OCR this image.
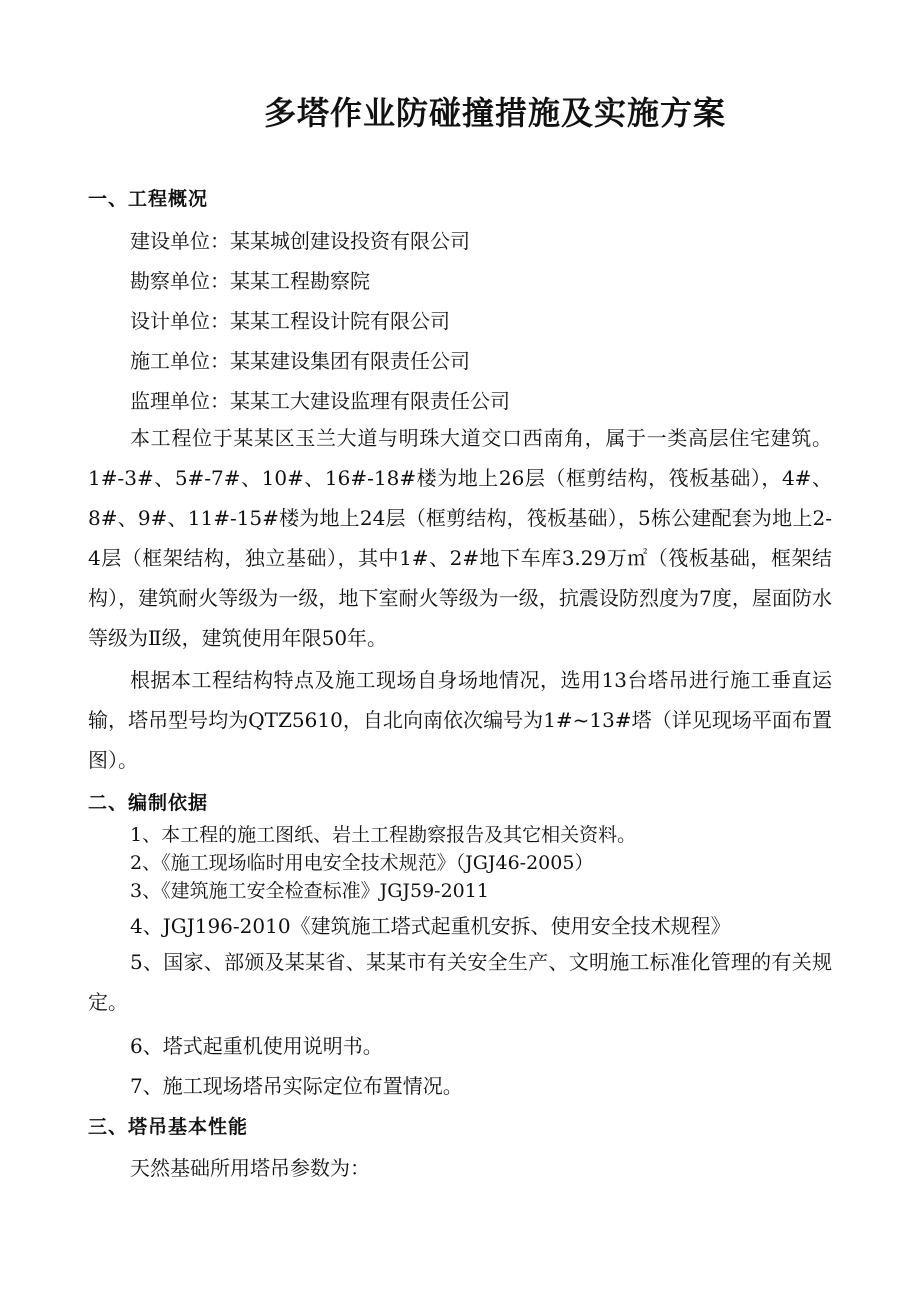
多塔作业防碰撞措施及实施方案
一、工程概况
建设单位：某某城创建设投资有限公司
勘察单位：某某工程勘察院
设计单位：某某工程设计院有限公司
施工单位：某某建设集团有限责任公司
监理单位：某某工大建设监理有限责任公司

本工程位于某某区玉兰大道与明珠大道交口西南角，属于一类高层住宅建筑。1#-3#、5#-7#、10#、16#-18#楼为地上26层（框剪结构，筏板基础），4#、8#、9#、11#-15#楼为地上24层（框剪结构，筏板基础），5栋公建配套为地上2-4层（框架结构，独立基础），其中1#、2#地下车库3.29万㎡（筏板基础，框架结构），建筑耐火等级为一级，地下室耐火等级为一级，抗震设防烈度为7度，屋面防水等级为Ⅱ级，建筑使用年限50年。

根据本工程结构特点及施工现场自身场地情况，选用13台塔吊进行施工垂直运输，塔吊型号均为QTZ5610，自北向南依次编号为1#~13#塔（详见现场平面布置图）。

二、编制依据
1、本工程的施工图纸、岩土工程勘察报告及其它相关资料。
2、《施工现场临时用电安全技术规范》（JGJ46-2005）
3、《建筑施工安全检查标准》JGJ59-2011
4、JGJ196-2010《建筑施工塔式起重机安拆、使用安全技术规程》

5、国家、部颁及某某省、某某市有关安全生产、文明施工标准化管理的有关规定。

6、塔式起重机使用说明书。
7、施工现场塔吊实际定位布置情况。
三、塔吊基本性能
天然基础所用塔吊参数为：
